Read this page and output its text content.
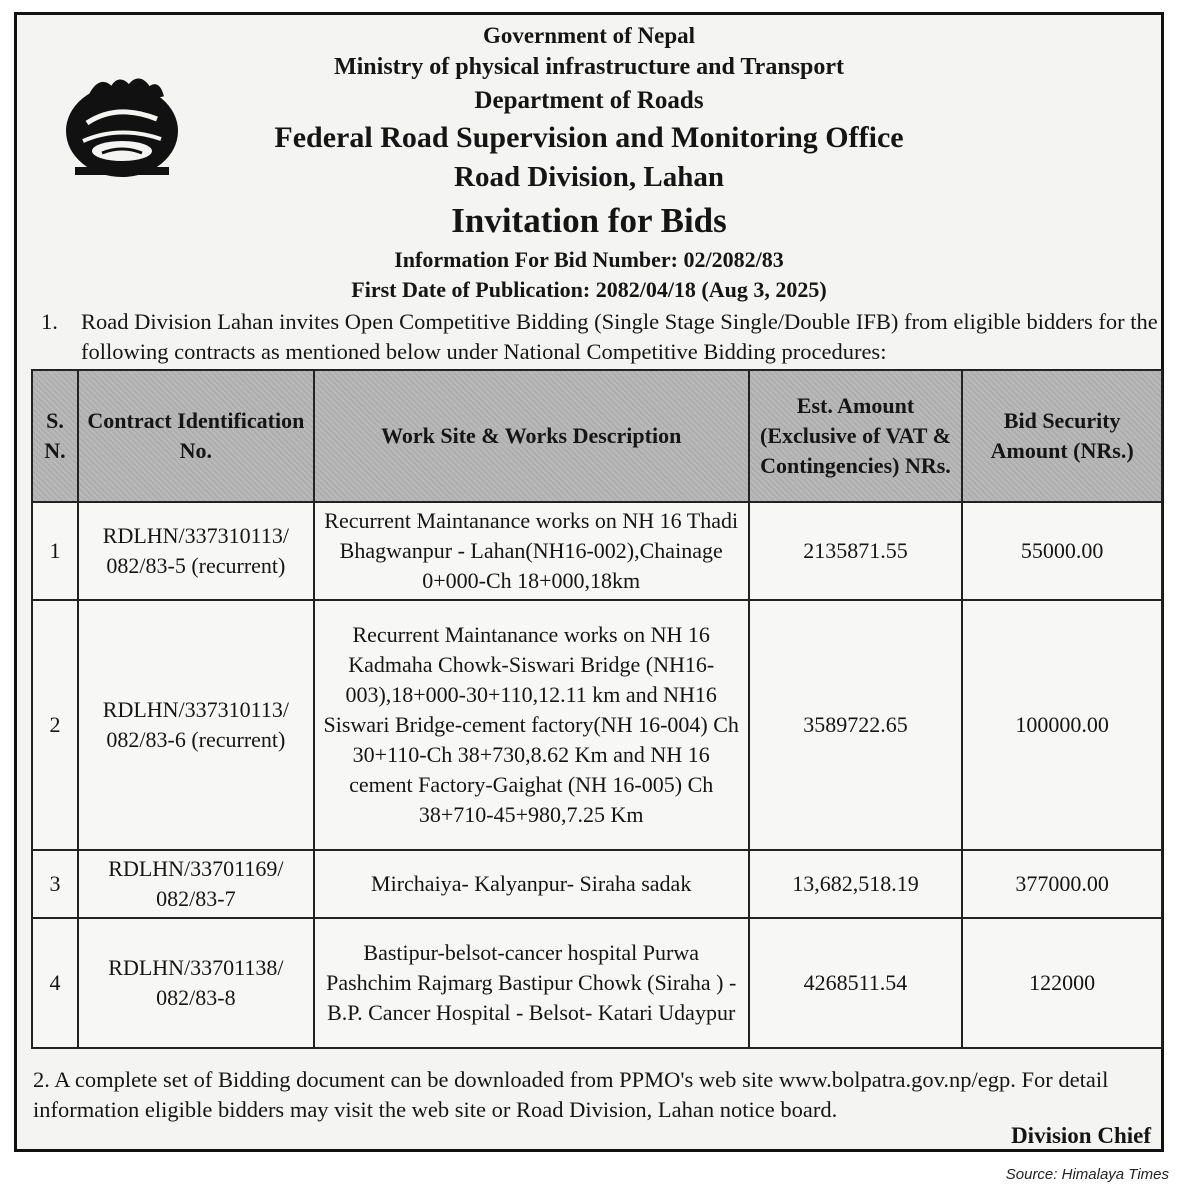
Government of Nepal
Ministry of physical infrastructure and Transport
Department of Roads
Federal Road Supervision and Monitoring Office
Road Division, Lahan
Invitation for Bids
Information For Bid Number: 02/2082/83
First Date of Publication: 2082/04/18 (Aug 3, 2025)
1. Road Division Lahan invites Open Competitive Bidding (Single Stage Single/Double IFB) from eligible bidders for the following contracts as mentioned below under National Competitive Bidding procedures:
S. N.	Contract Identification No.	Work Site & Works Description	Est. Amount (Exclusive of VAT & Contingencies) NRs.	Bid Security Amount (NRs.)
1	RDLHN/337310113/ 082/83-5 (recurrent)	Recurrent Maintanance works on NH 16 Thadi Bhagwanpur - Lahan(NH16-002),Chainage 0+000-Ch 18+000,18km	2135871.55	55000.00
2	RDLHN/337310113/ 082/83-6 (recurrent)	Recurrent Maintanance works on NH 16 Kadmaha Chowk-Siswari Bridge (NH16-003),18+000-30+110,12.11 km and NH16 Siswari Bridge-cement factory(NH 16-004) Ch 30+110-Ch 38+730,8.62 Km and NH 16 cement Factory-Gaighat (NH 16-005) Ch 38+710-45+980,7.25 Km	3589722.65	100000.00
3	RDLHN/33701169/ 082/83-7	Mirchaiya- Kalyanpur- Siraha sadak	13,682,518.19	377000.00
4	RDLHN/33701138/ 082/83-8	Bastipur-belsot-cancer hospital Purwa Pashchim Rajmarg Bastipur Chowk (Siraha ) - B.P. Cancer Hospital - Belsot- Katari Udaypur	4268511.54	122000
2. A complete set of Bidding document can be downloaded from PPMO's web site www.bolpatra.gov.np/egp. For detail information eligible bidders may visit the web site or Road Division, Lahan notice board.
Division Chief
Source: Himalaya Times
